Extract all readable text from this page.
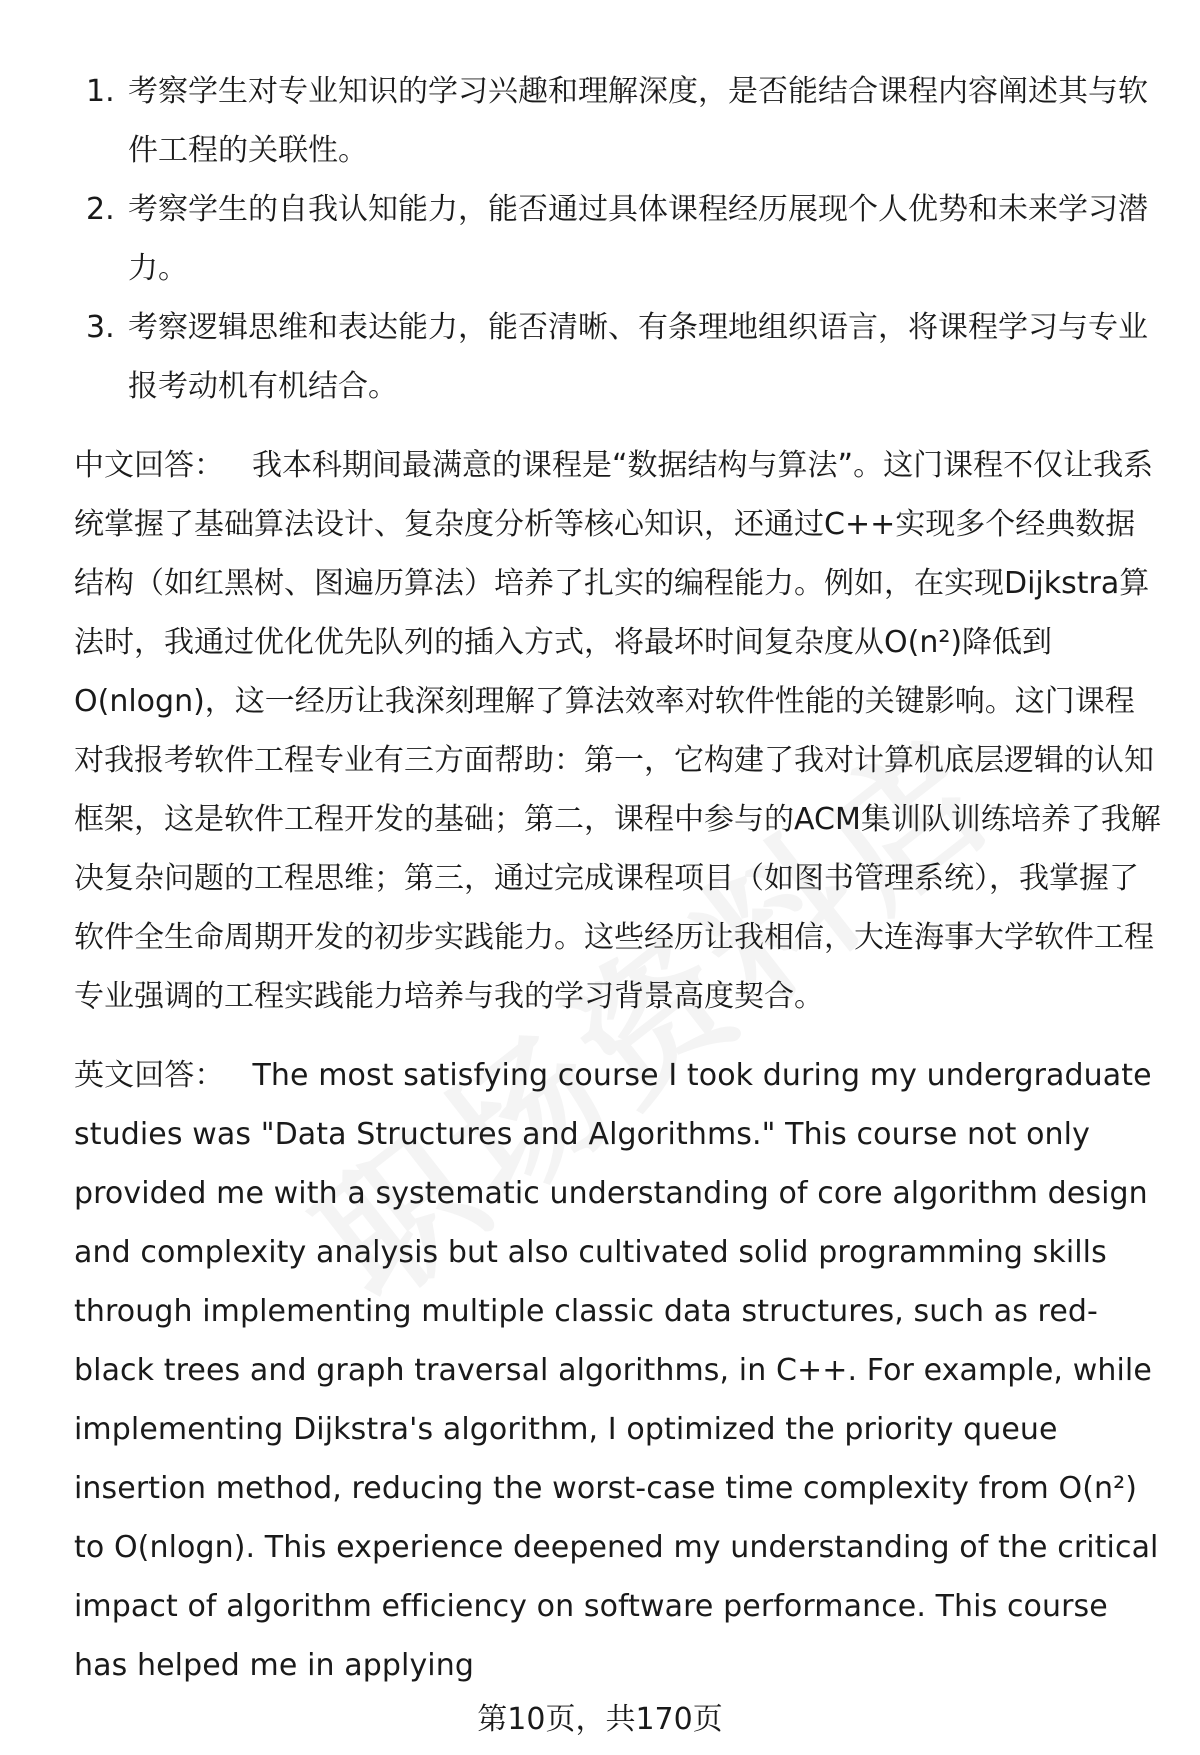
1. 考察学生对专业知识的学习兴趣和理解深度，是否能结合课程内容阐述其与软件工程的关联性。
2. 考察学生的自我认知能力，能否通过具体课程经历展现个人优势和未来学习潜力。
3. 考察逻辑思维和表达能力，能否清晰、有条理地组织语言，将课程学习与专业报考动机有机结合。

中文回答： 我本科期间最满意的课程是“数据结构与算法”。这门课程不仅让我系统掌握了基础算法设计、复杂度分析等核心知识，还通过C++实现多个经典数据结构（如红黑树、图遍历算法）培养了扎实的编程能力。例如，在实现Dijkstra算法时，我通过优化优先队列的插入方式，将最坏时间复杂度从O(n²)降低到O(nlogn)，这一经历让我深刻理解了算法效率对软件性能的关键影响。这门课程对我报考软件工程专业有三方面帮助：第一，它构建了我对计算机底层逻辑的认知框架，这是软件工程开发的基础；第二，课程中参与的ACM集训队训练培养了我解决复杂问题的工程思维；第三，通过完成课程项目（如图书管理系统），我掌握了软件全生命周期开发的初步实践能力。这些经历让我相信，大连海事大学软件工程专业强调的工程实践能力培养与我的学习背景高度契合。

英文回答： The most satisfying course I took during my undergraduate studies was "Data Structures and Algorithms." This course not only provided me with a systematic understanding of core algorithm design and complexity analysis but also cultivated solid programming skills through implementing multiple classic data structures, such as red-black trees and graph traversal algorithms, in C++. For example, while implementing Dijkstra's algorithm, I optimized the priority queue insertion method, reducing the worst-case time complexity from O(n²) to O(nlogn). This experience deepened my understanding of the critical impact of algorithm efficiency on software performance. This course has helped me in applying

第10页，共170页
